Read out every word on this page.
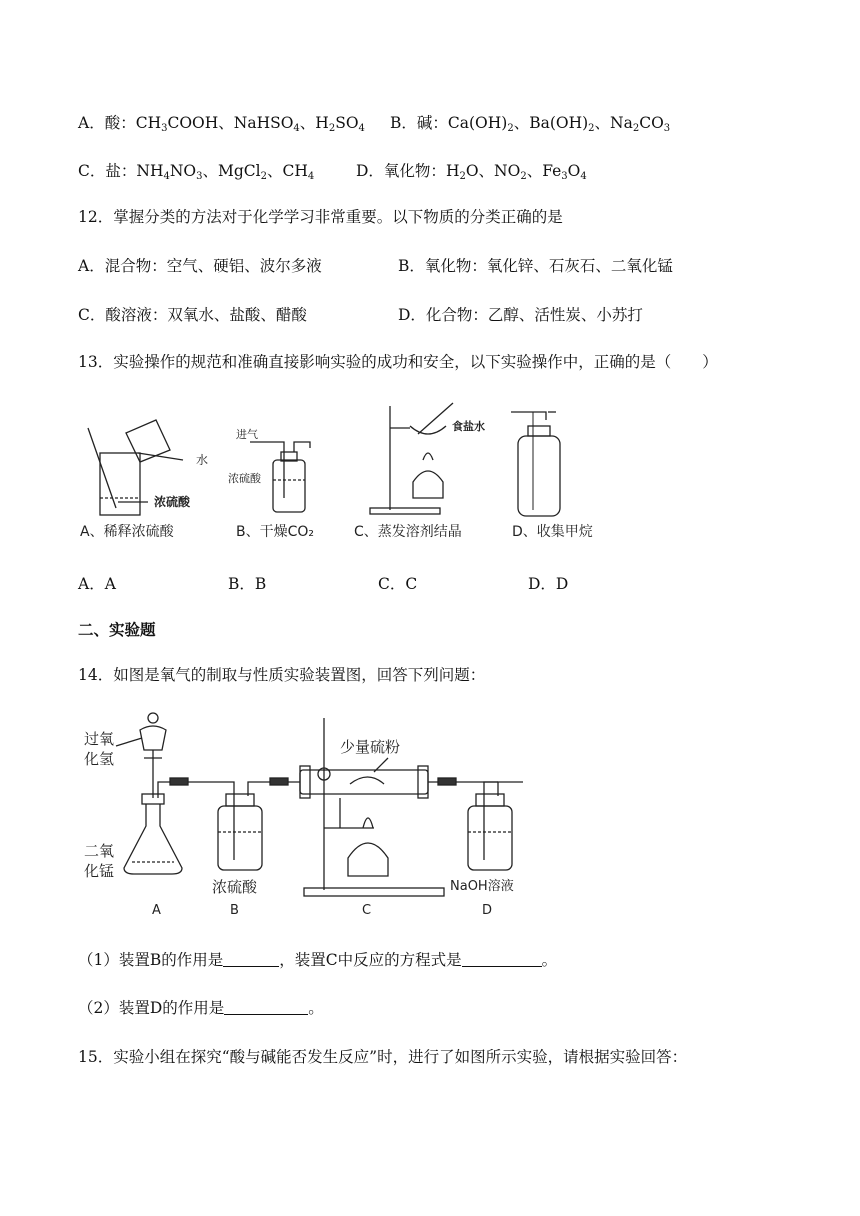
A．酸：$CH_3COOH$、NaHSO$_4$、$H_2SO_4$ B．碱：$Ca(OH)_2$、$Ba(OH)_2$、$Na_2CO_3$
C．盐：$NH_4NO_3$、MgCl$_2$、$CH_4$	D．氧化物：$H_2O$、$NO_2$、$Fe_3O_4$
12．掌握分类的方法对于化学学习非常重要。以下物质的分类正确的是
A．混合物：空气、硬铝、波尔多液	B．氧化物：氧化锌、石灰石、二氧化锰
C．酸溶液：双氧水、盐酸、醋酸	D．化合物：乙醇、活性炭、小苏打
13．实验操作的规范和准确直接影响实验的成功和安全，以下实验操作中，正确的是（　　）
水
浓硫酸
A、稀释浓硫酸
进气
浓硫酸
B、干燥CO₂
食盐水
C、蒸发溶剂结晶	D、收集甲烷
A．A	B．B	C．C	D．D
二、实验题
14．如图是氧气的制取与性质实验装置图，回答下列问题：
过氧
化氢
二氧
化锰
少量硫粉
浓硫酸	NaOH溶液
A	B	C	D
（1）装置B的作用是	，装置C中反应的方程式是	。
（2）装置D的作用是	。
15．实验小组在探究“酸与碱能否发生反应”时，进行了如图所示实验，请根据实验回答：
